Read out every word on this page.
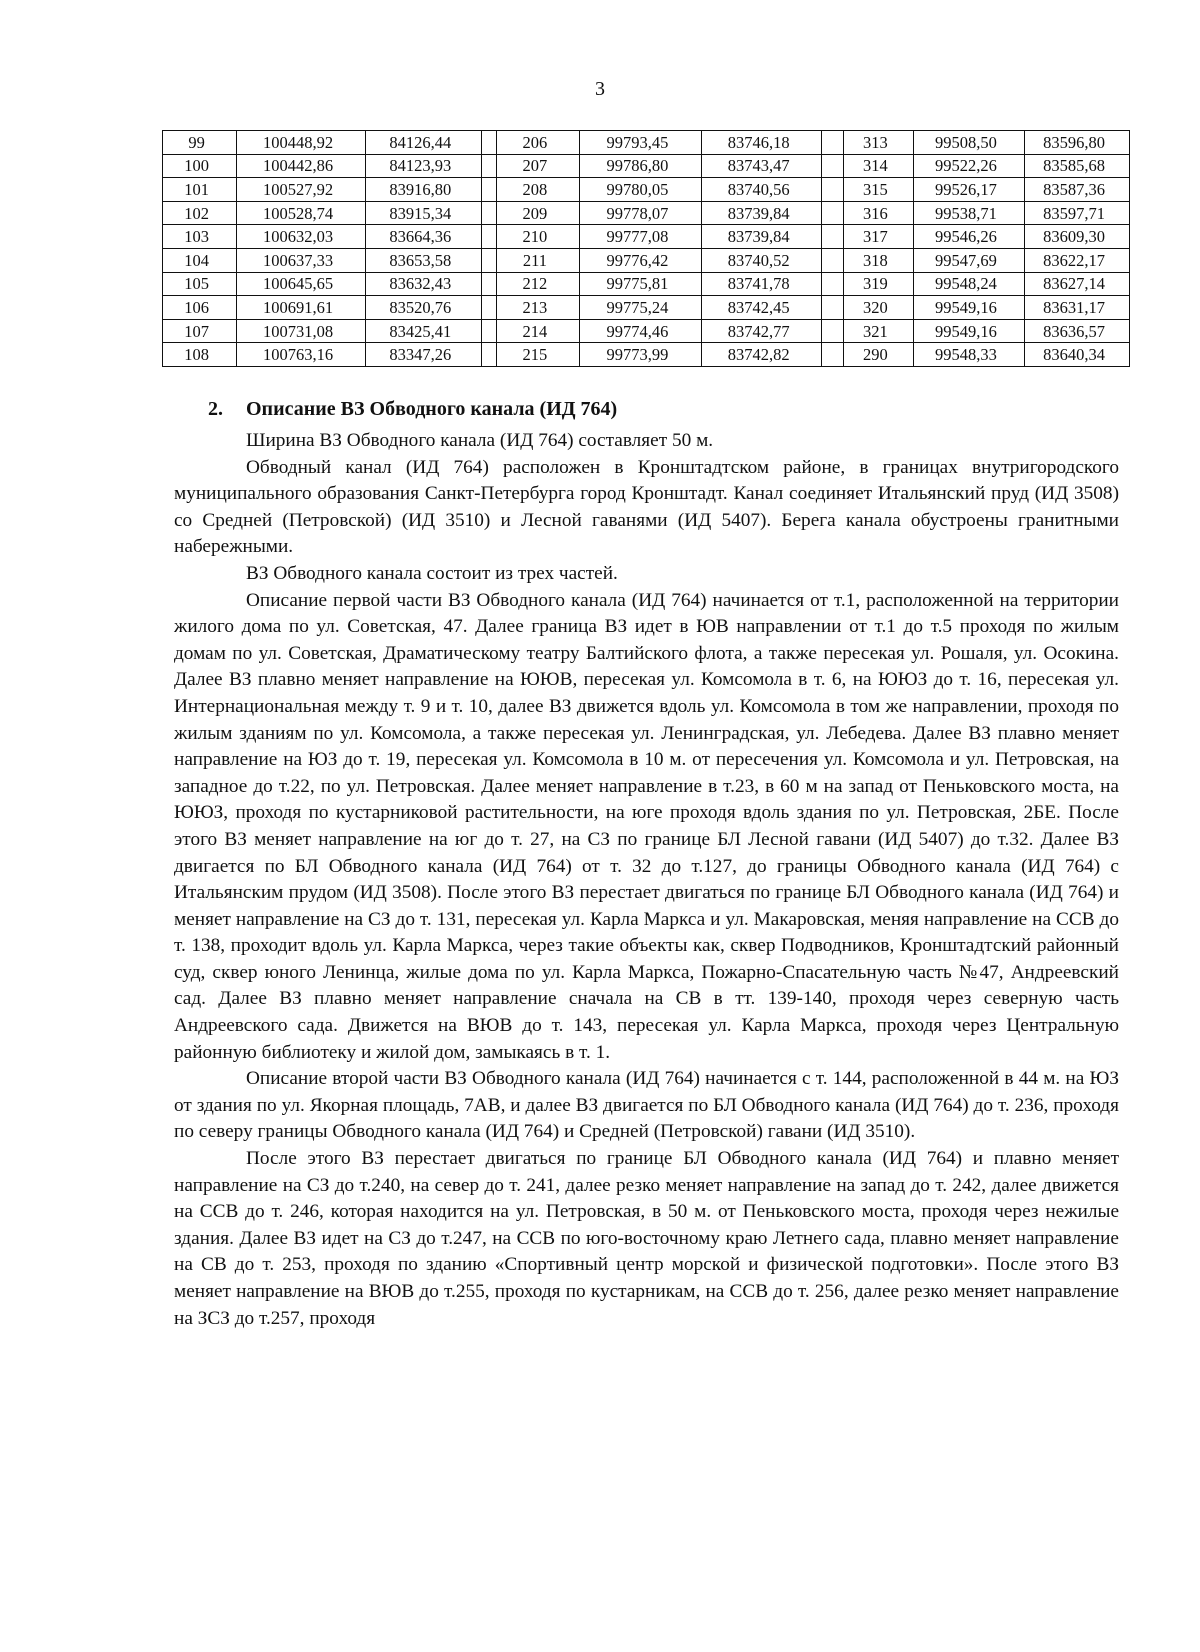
3
99	100448,92	84126,44		206	99793,45	83746,18		313	99508,50	83596,80
100	100442,86	84123,93		207	99786,80	83743,47		314	99522,26	83585,68
101	100527,92	83916,80		208	99780,05	83740,56		315	99526,17	83587,36
102	100528,74	83915,34		209	99778,07	83739,84		316	99538,71	83597,71
103	100632,03	83664,36		210	99777,08	83739,84		317	99546,26	83609,30
104	100637,33	83653,58		211	99776,42	83740,52		318	99547,69	83622,17
105	100645,65	83632,43		212	99775,81	83741,78		319	99548,24	83627,14
106	100691,61	83520,76		213	99775,24	83742,45		320	99549,16	83631,17
107	100731,08	83425,41		214	99774,46	83742,77		321	99549,16	83636,57
108	100763,16	83347,26		215	99773,99	83742,82		290	99548,33	83640,34
2. Описание ВЗ Обводного канала (ИД 764)

Ширина ВЗ Обводного канала (ИД 764) составляет 50 м.

Обводный канал (ИД 764) расположен в Кронштадтском районе, в границах внутригородского муниципального образования Санкт-Петербурга город Кронштадт. Канал соединяет Итальянский пруд (ИД 3508) со Средней (Петровской) (ИД 3510) и Лесной гаванями (ИД 5407). Берега канала обустроены гранитными набережными.

ВЗ Обводного канала состоит из трех частей.

Описание первой части ВЗ Обводного канала (ИД 764) начинается от т.1, расположенной на территории жилого дома по ул. Советская, 47. Далее граница ВЗ идет в ЮВ направлении от т.1 до т.5 проходя по жилым домам по ул. Советская, Драматическому театру Балтийского флота, а также пересекая ул. Рошаля, ул. Осокина. Далее ВЗ плавно меняет направление на ЮЮВ, пересекая ул. Комсомола в т. 6, на ЮЮЗ до т. 16, пересекая ул. Интернациональная между т. 9 и т. 10, далее ВЗ движется вдоль ул. Комсомола в том же направлении, проходя по жилым зданиям по ул. Комсомола, а также пересекая ул. Ленинградская, ул. Лебедева. Далее ВЗ плавно меняет направление на ЮЗ до т. 19, пересекая ул. Комсомола в 10 м. от пересечения ул. Комсомола и ул. Петровская, на западное до т.22, по ул. Петровская. Далее меняет направление в т.23, в 60 м на запад от Пеньковского моста, на ЮЮЗ, проходя по кустарниковой растительности, на юге проходя вдоль здания по ул. Петровская, 2БЕ. После этого ВЗ меняет направление на юг до т. 27, на СЗ по границе БЛ Лесной гавани (ИД 5407) до т.32. Далее ВЗ двигается по БЛ Обводного канала (ИД 764) от т. 32 до т.127, до границы Обводного канала (ИД 764) с Итальянским прудом (ИД 3508). После этого ВЗ перестает двигаться по границе БЛ Обводного канала (ИД 764) и меняет направление на СЗ до т. 131, пересекая ул. Карла Маркса и ул. Макаровская, меняя направление на ССВ до т. 138, проходит вдоль ул. Карла Маркса, через такие объекты как, сквер Подводников, Кронштадтский районный суд, сквер юного Ленинца, жилые дома по ул. Карла Маркса, Пожарно-Спасательную часть №47, Андреевский сад. Далее ВЗ плавно меняет направление сначала на СВ в тт. 139-140, проходя через северную часть Андреевского сада. Движется на ВЮВ до т. 143, пересекая ул. Карла Маркса, проходя через Центральную районную библиотеку и жилой дом, замыкаясь в т. 1.

Описание второй части ВЗ Обводного канала (ИД 764) начинается с т. 144, расположенной в 44 м. на ЮЗ от здания по ул. Якорная площадь, 7АВ, и далее ВЗ двигается по БЛ Обводного канала (ИД 764) до т. 236, проходя по северу границы Обводного канала (ИД 764) и Средней (Петровской) гавани (ИД 3510).

После этого ВЗ перестает двигаться по границе БЛ Обводного канала (ИД 764) и плавно меняет направление на СЗ до т.240, на север до т. 241, далее резко меняет направление на запад до т. 242, далее движется на ССВ до т. 246, которая находится на ул. Петровская, в 50 м. от Пеньковского моста, проходя через нежилые здания. Далее ВЗ идет на СЗ до т.247, на ССВ по юго-восточному краю Летнего сада, плавно меняет направление на СВ до т. 253, проходя по зданию «Спортивный центр морской и физической подготовки». После этого ВЗ меняет направление на ВЮВ до т.255, проходя по кустарникам, на ССВ до т. 256, далее резко меняет направление на ЗСЗ до т.257, проходя
